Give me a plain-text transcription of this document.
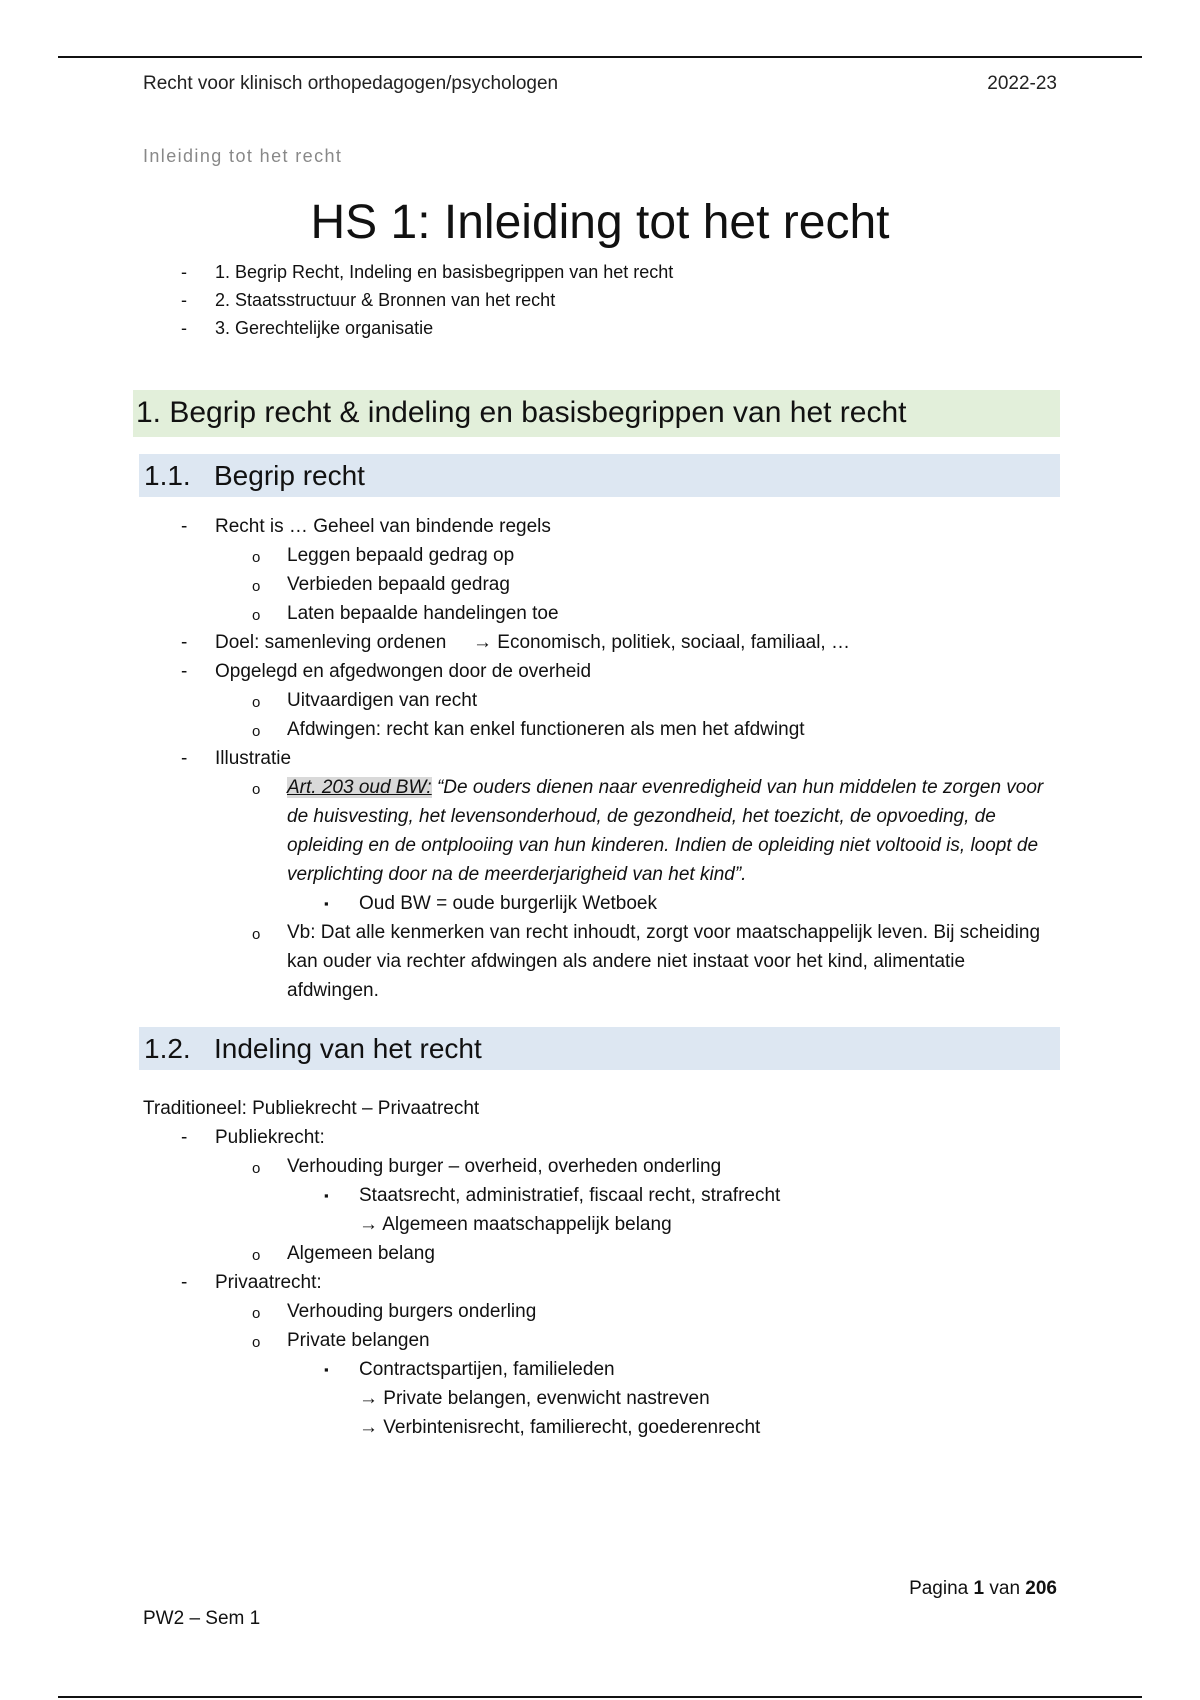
Recht voor klinisch orthopedagogen/psychologen	2022-23
Inleiding tot het recht
HS 1: Inleiding tot het recht
- 1. Begrip Recht, Indeling en basisbegrippen van het recht
- 2. Staatsstructuur & Bronnen van het recht
- 3. Gerechtelijke organisatie
1. Begrip recht & indeling en basisbegrippen van het recht
1.1. Begrip recht
- Recht is … Geheel van bindende regels
o Leggen bepaald gedrag op
o Verbieden bepaald gedrag
o Laten bepaalde handelingen toe
- Doel: samenleving ordenen → Economisch, politiek, sociaal, familiaal, …
- Opgelegd en afgedwongen door de overheid
o Uitvaardigen van recht
o Afdwingen: recht kan enkel functioneren als men het afdwingt
- Illustratie
o Art. 203 oud BW: “De ouders dienen naar evenredigheid van hun middelen te zorgen voor de huisvesting, het levensonderhoud, de gezondheid, het toezicht, de opvoeding, de opleiding en de ontplooiing van hun kinderen. Indien de opleiding niet voltooid is, loopt de verplichting door na de meerderjarigheid van het kind”.
▪ Oud BW = oude burgerlijk Wetboek
o Vb: Dat alle kenmerken van recht inhoudt, zorgt voor maatschappelijk leven. Bij scheiding kan ouder via rechter afdwingen als andere niet instaat voor het kind, alimentatie afdwingen.
1.2. Indeling van het recht
Traditioneel: Publiekrecht – Privaatrecht
- Publiekrecht:
o Verhouding burger – overheid, overheden onderling
▪ Staatsrecht, administratief, fiscaal recht, strafrecht
→ Algemeen maatschappelijk belang
o Algemeen belang
- Privaatrecht:
o Verhouding burgers onderling
o Private belangen
▪ Contractspartijen, familieleden
→ Private belangen, evenwicht nastreven
→ Verbintenisrecht, familierecht, goederenrecht
Pagina 1 van 206
PW2 – Sem 1
